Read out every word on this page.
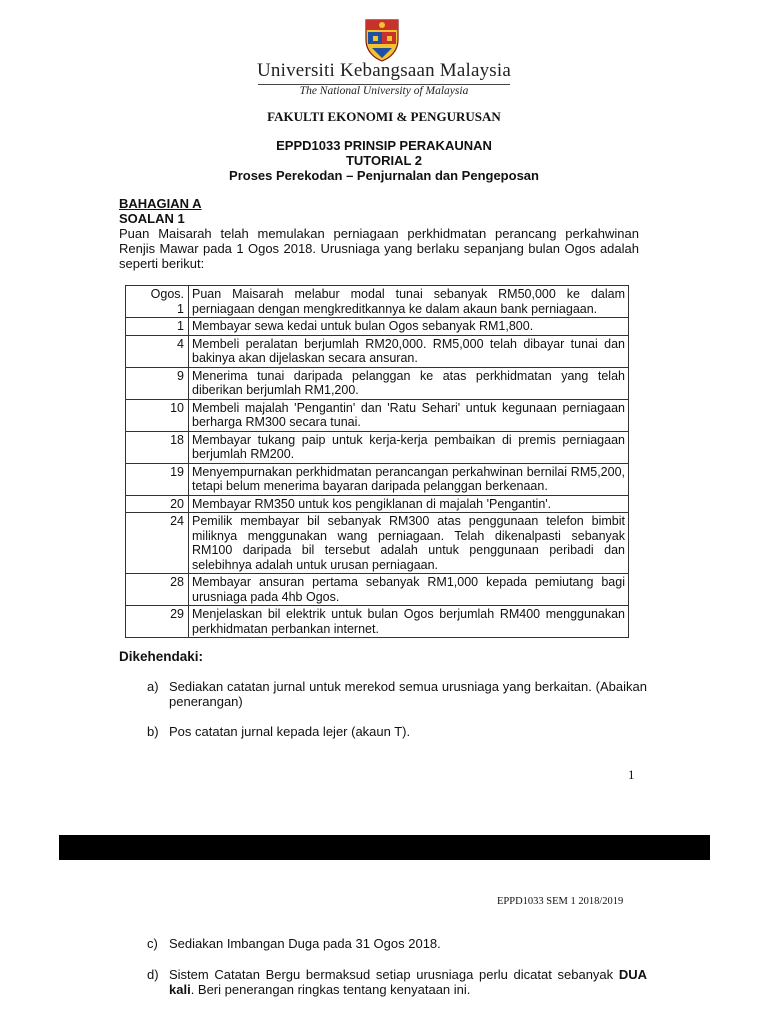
Universiti Kebangsaan Malaysia
The National University of Malaysia
FAKULTI EKONOMI & PENGURUSAN
EPPD1033 PRINSIP PERAKAUNAN
TUTORIAL 2
Proses Perekodan – Penjurnalan dan Pengeposan
BAHAGIAN A
SOALAN 1
Puan Maisarah telah memulakan perniagaan perkhidmatan perancang perkahwinan Renjis Mawar pada 1 Ogos 2018. Urusniaga yang berlaku sepanjang bulan Ogos adalah seperti berikut:
Ogos.
1	Puan Maisarah melabur modal tunai sebanyak RM50,000 ke dalam perniagaan dengan mengkreditkannya ke dalam akaun bank perniagaan.

1	Membayar sewa kedai untuk bulan Ogos sebanyak RM1,800.

4	Membeli peralatan berjumlah RM20,000. RM5,000 telah dibayar tunai dan bakinya akan dijelaskan secara ansuran.

9	Menerima tunai daripada pelanggan ke atas perkhidmatan yang telah diberikan berjumlah RM1,200.

10	Membeli majalah 'Pengantin' dan 'Ratu Sehari' untuk kegunaan perniagaan berharga RM300 secara tunai.

18	Membayar tukang paip untuk kerja-kerja pembaikan di premis perniagaan berjumlah RM200.

19	Menyempurnakan perkhidmatan perancangan perkahwinan bernilai RM5,200, tetapi belum menerima bayaran daripada pelanggan berkenaan.

20	Membayar RM350 untuk kos pengiklanan di majalah 'Pengantin'.

24	Pemilik membayar bil sebanyak RM300 atas penggunaan telefon bimbit miliknya menggunakan wang perniagaan. Telah dikenalpasti sebanyak RM100 daripada bil tersebut adalah untuk penggunaan peribadi dan selebihnya adalah untuk urusan perniagaan.

28	Membayar ansuran pertama sebanyak RM1,000 kepada pemiutang bagi urusniaga pada 4hb Ogos.

29	Menjelaskan bil elektrik untuk bulan Ogos berjumlah RM400 menggunakan perkhidmatan perbankan internet.
Dikehendaki:
a) Sediakan catatan jurnal untuk merekod semua urusniaga yang berkaitan. (Abaikan penerangan)
b) Pos catatan jurnal kepada lejer (akaun T).
1
EPPD1033 SEM 1 2018/2019
c) Sediakan Imbangan Duga pada 31 Ogos 2018.
d) Sistem Catatan Bergu bermaksud setiap urusniaga perlu dicatat sebanyak DUA kali. Beri penerangan ringkas tentang kenyataan ini.
